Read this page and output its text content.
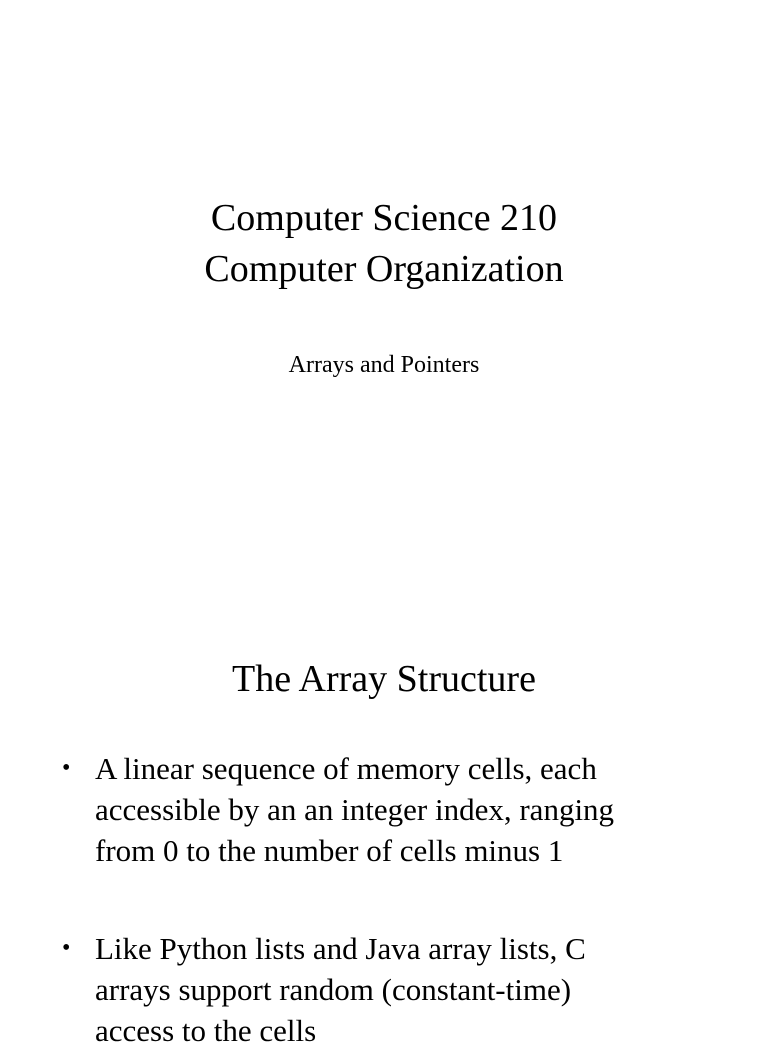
Computer Science 210
Computer Organization
Arrays and Pointers
The Array Structure
• A linear sequence of memory cells, each
accessible by an an integer index, ranging
from 0 to the number of cells minus 1
• Like Python lists and Java array lists, C
arrays support random (constant-time)
access to the cells
